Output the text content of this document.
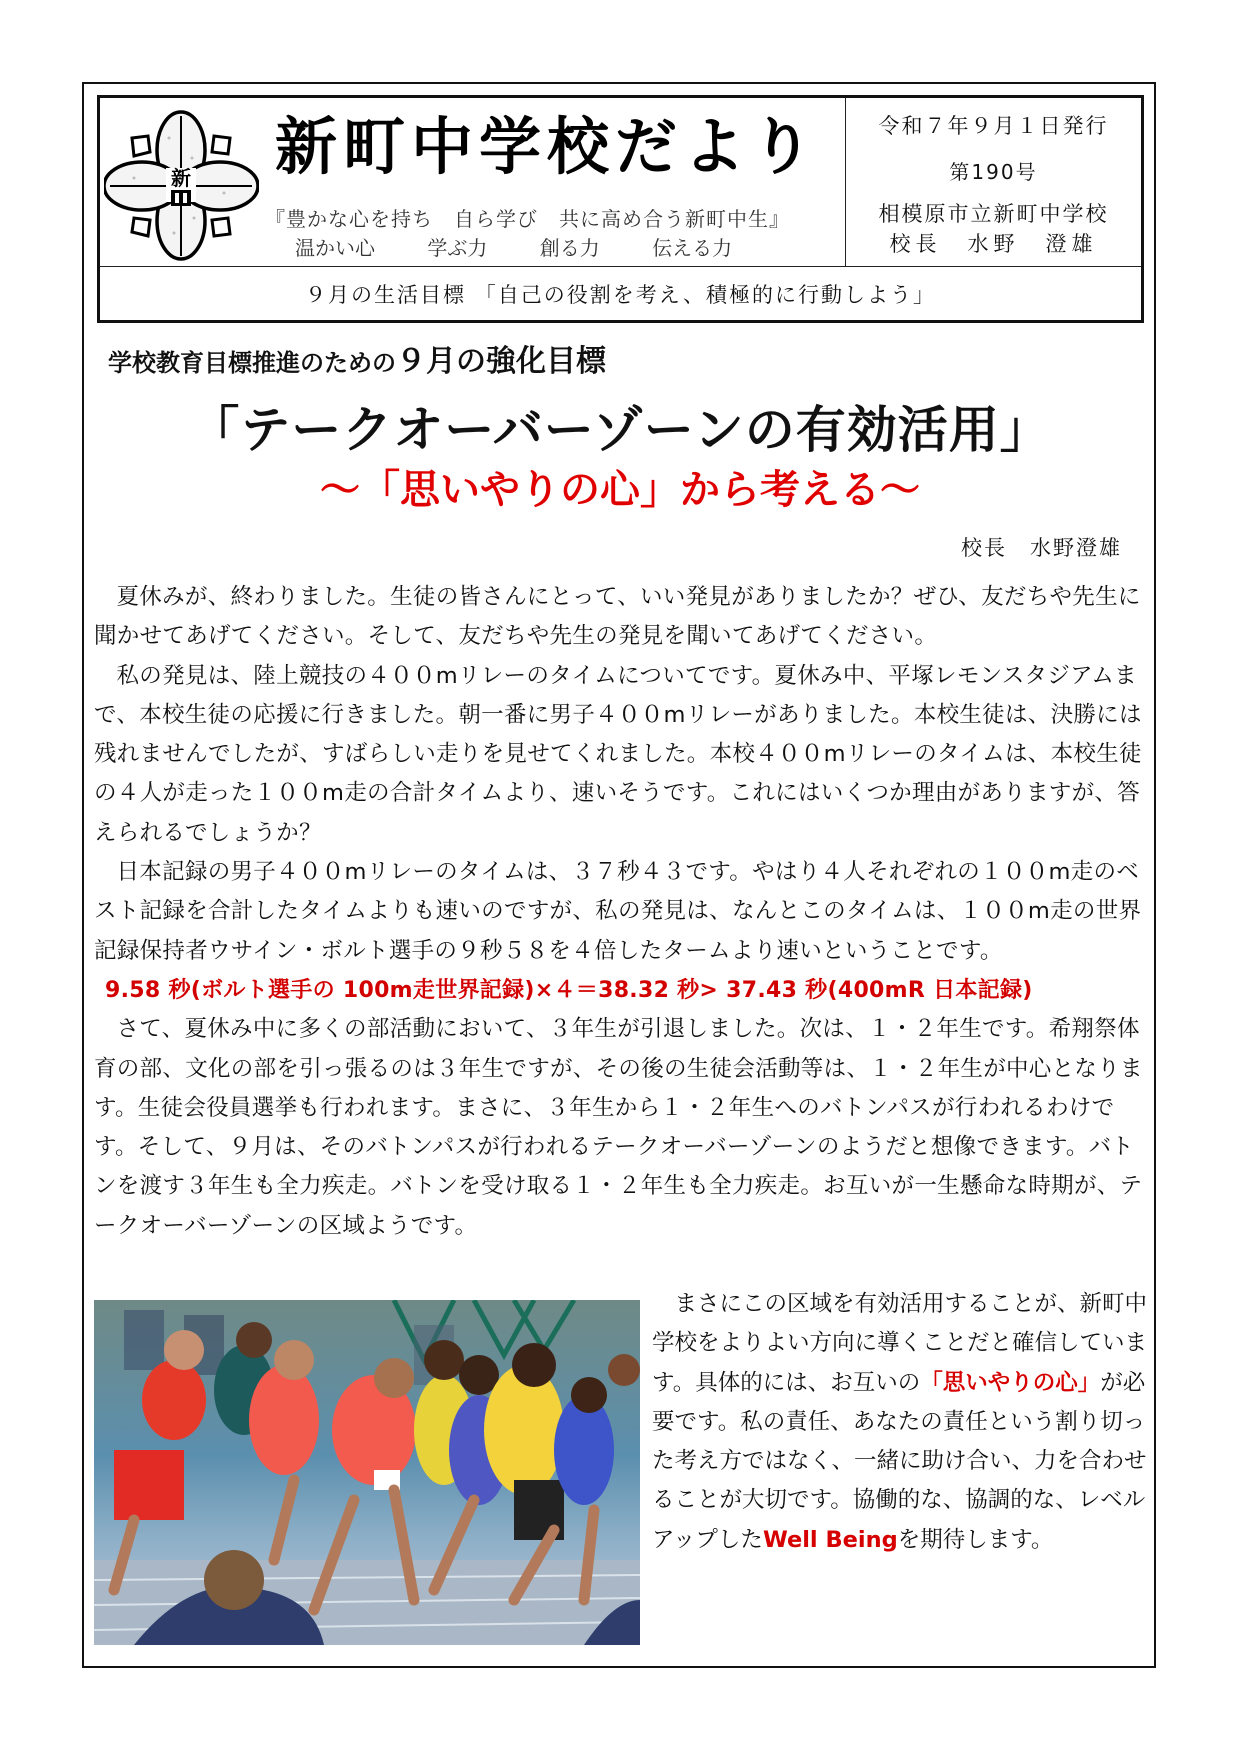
新 新町中学校だより
『豊かな心を持ち　自ら学び　共に高め合う新町中生』
温かい心	学ぶ力	創る力	伝える力
令和７年９月１日発行
第190号
相模原市立新町中学校
校長　水野　澄雄
９月の生活目標 「自己の役割を考え、積極的に行動しよう」
学校教育目標推進のための９月の強化目標
「テークオーバーゾーンの有効活用」
～「思いやりの心」から考える～
校長　水野澄雄

夏休みが、終わりました。生徒の皆さんにとって、いい発見がありましたか？ぜひ、友だちや先生に聞かせてあげてください。そして、友だちや先生の発見を聞いてあげてください。

私の発見は、陸上競技の４００mリレーのタイムについてです。夏休み中、平塚レモンスタジアムまで、本校生徒の応援に行きました。朝一番に男子４００mリレーがありました。本校生徒は、決勝には残れませんでしたが、すばらしい走りを見せてくれました。本校４００mリレーのタイムは、本校生徒の４人が走った１００m走の合計タイムより、速いそうです。これにはいくつか理由がありますが、答えられるでしょうか？

日本記録の男子４００mリレーのタイムは、３７秒４３です。やはり４人それぞれの１００m走のベスト記録を合計したタイムよりも速いのですが、私の発見は、なんとこのタイムは、１００m走の世界記録保持者ウサイン・ボルト選手の９秒５８を４倍したタームより速いということです。

9.58 秒(ボルト選手の 100m走世界記録)×４＝38.32 秒> 37.43 秒(400mR 日本記録)

さて、夏休み中に多くの部活動において、３年生が引退しました。次は、１・２年生です。希翔祭体育の部、文化の部を引っ張るのは３年生ですが、その後の生徒会活動等は、１・２年生が中心となります。生徒会役員選挙も行われます。まさに、３年生から１・２年生へのバトンパスが行われるわけです。そして、９月は、そのバトンパスが行われるテークオーバーゾーンのようだと想像できます。バトンを渡す３年生も全力疾走。バトンを受け取る１・２年生も全力疾走。お互いが一生懸命な時期が、テークオーバーゾーンの区域ようです。

まさにこの区域を有効活用することが、新町中学校をよりよい方向に導くことだと確信しています。具体的には、お互いの「思いやりの心」が必要です。私の責任、あなたの責任という割り切った考え方ではなく、一緒に助け合い、力を合わせることが大切です。協働的な、協調的な、レベルアップしたWell Beingを期待します。
